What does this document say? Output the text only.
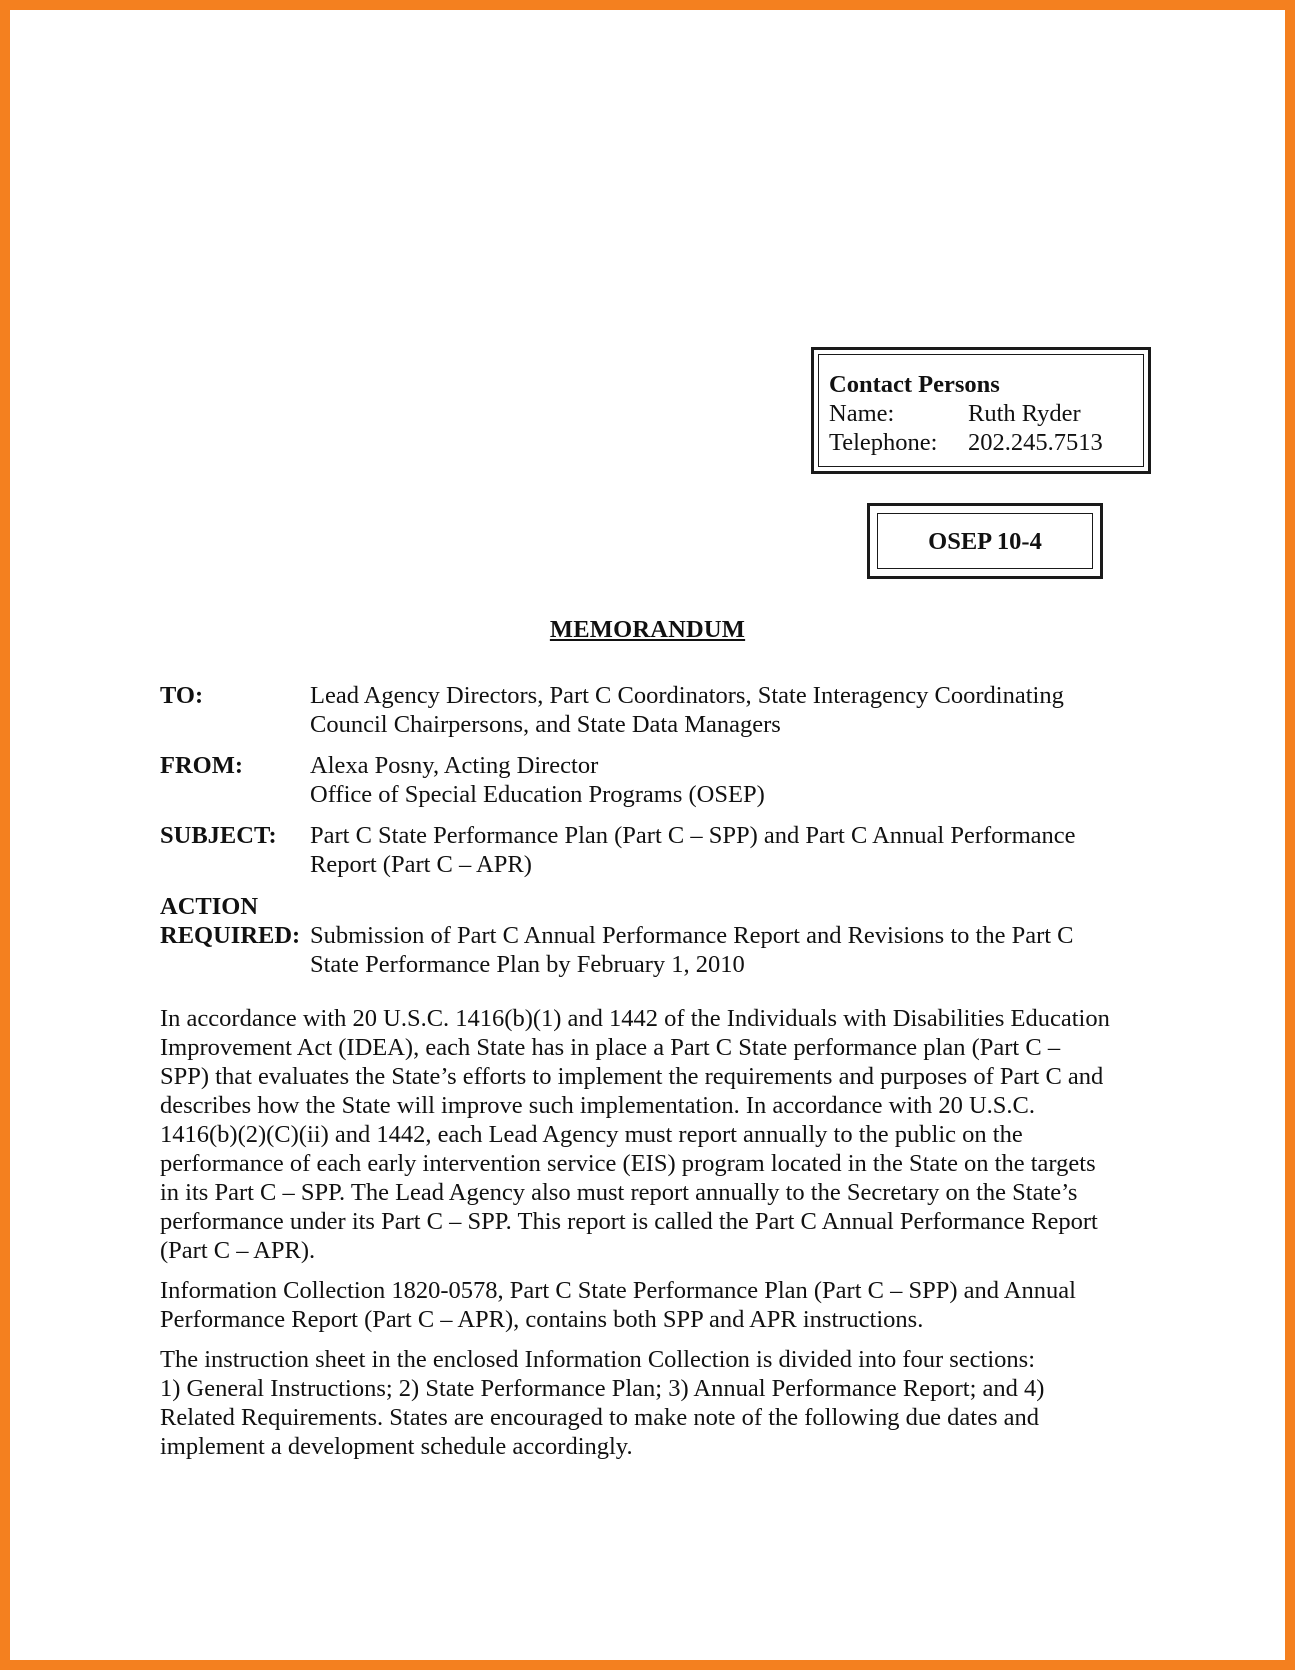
Contact Persons
Name:	Ruth Ryder
Telephone: 202.245.7513
OSEP 10-4
MEMORANDUM
TO:	Lead Agency Directors, Part C Coordinators, State Interagency Coordinating
Council Chairpersons, and State Data Managers
FROM:	Alexa Posny, Acting Director
Office of Special Education Programs (OSEP)
SUBJECT: Part C State Performance Plan (Part C – SPP) and Part C Annual Performance
Report (Part C – APR)
ACTION
REQUIRED: Submission of Part C Annual Performance Report and Revisions to the Part C
State Performance Plan by February 1, 2010
In accordance with 20 U.S.C. 1416(b)(1) and 1442 of the Individuals with Disabilities Education
Improvement Act (IDEA), each State has in place a Part C State performance plan (Part C –
SPP) that evaluates the State’s efforts to implement the requirements and purposes of Part C and
describes how the State will improve such implementation. In accordance with 20 U.S.C.
1416(b)(2)(C)(ii) and 1442, each Lead Agency must report annually to the public on the
performance of each early intervention service (EIS) program located in the State on the targets
in its Part C – SPP. The Lead Agency also must report annually to the Secretary on the State’s
performance under its Part C – SPP. This report is called the Part C Annual Performance Report
(Part C – APR).
Information Collection 1820-0578, Part C State Performance Plan (Part C – SPP) and Annual
Performance Report (Part C – APR), contains both SPP and APR instructions.
The instruction sheet in the enclosed Information Collection is divided into four sections:
1) General Instructions; 2) State Performance Plan; 3) Annual Performance Report; and 4)
Related Requirements. States are encouraged to make note of the following due dates and
implement a development schedule accordingly.
